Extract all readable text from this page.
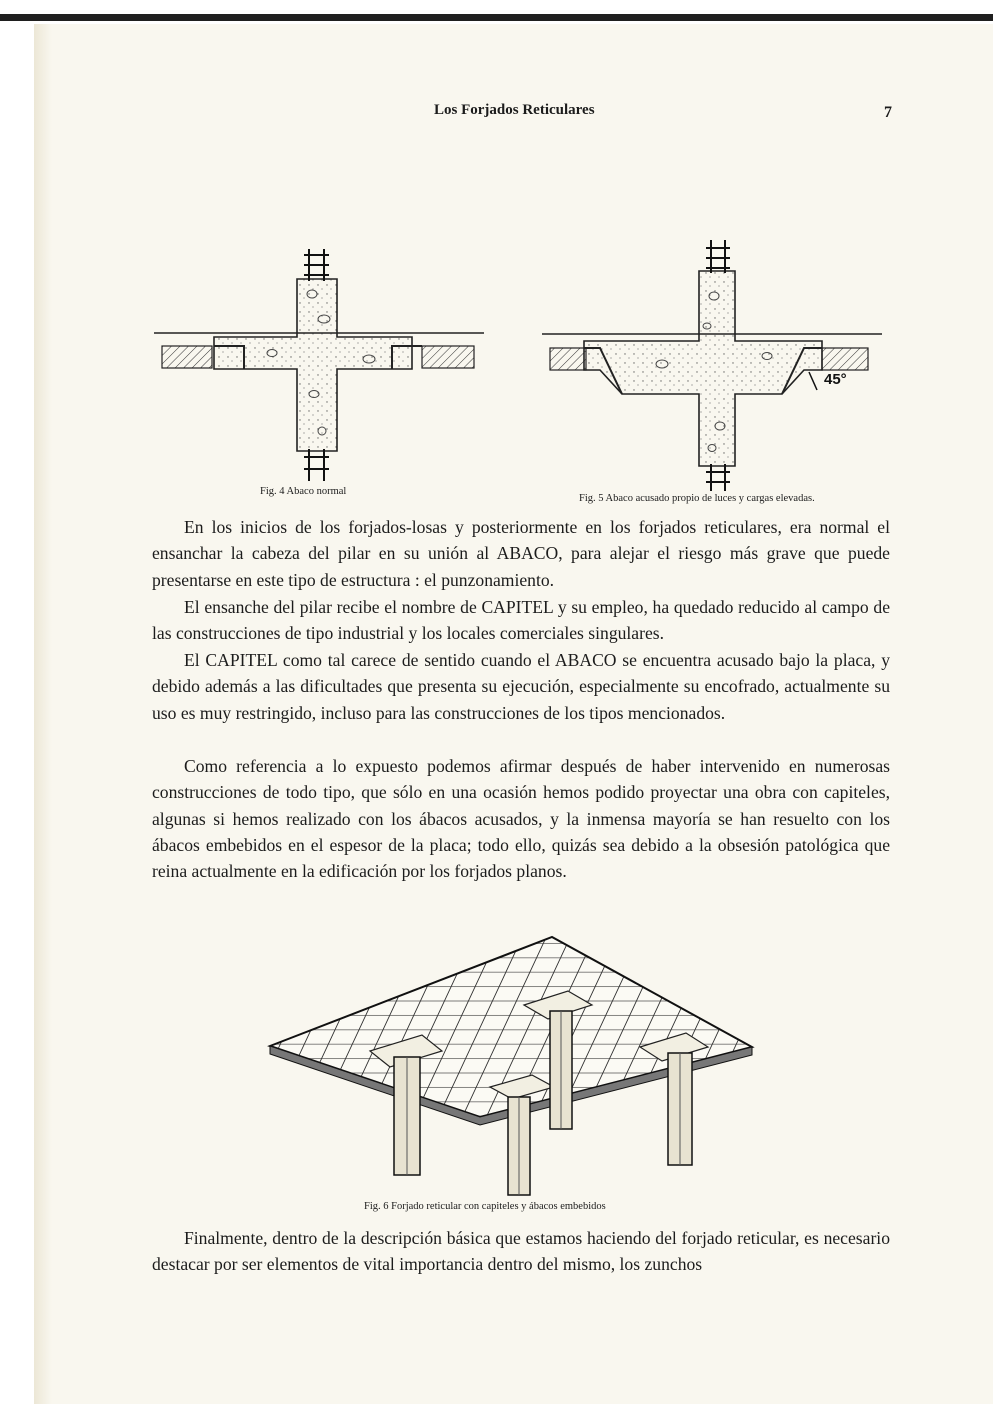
Los Forjados Reticulares	7
Fig. 4 Abaco normal
45°
Fig. 5 Abaco acusado propio de luces y cargas elevadas.

En los inicios de los forjados-losas y posteriormente en los forjados reticulares, era normal el ensanchar la cabeza del pilar en su unión al ABACO, para alejar el riesgo más grave que puede presentarse en este tipo de estructura : el punzonamiento.

El ensanche del pilar recibe el nombre de CAPITEL y su empleo, ha quedado reducido al campo de las construcciones de tipo industrial y los locales comerciales singulares.

El CAPITEL como tal carece de sentido cuando el ABACO se encuentra acusado bajo la placa, y debido además a las dificultades que presenta su ejecución, especialmente su encofrado, actualmente su uso es muy restringido, incluso para las construcciones de los tipos mencionados.

Como referencia a lo expuesto podemos afirmar después de haber intervenido en numerosas construcciones de todo tipo, que sólo en una ocasión hemos podido proyectar una obra con capiteles, algunas si hemos realizado con los ábacos acusados, y la inmensa mayoría se han resuelto con los ábacos embebidos en el espesor de la placa; todo ello, quizás sea debido a la obsesión patológica que reina actualmente en la edificación por los forjados planos.

Fig. 6 Forjado reticular con capiteles y ábacos embebidos

Finalmente, dentro de la descripción básica que estamos haciendo del forjado reticular, es necesario destacar por ser elementos de vital importancia dentro del mismo, los zunchos
